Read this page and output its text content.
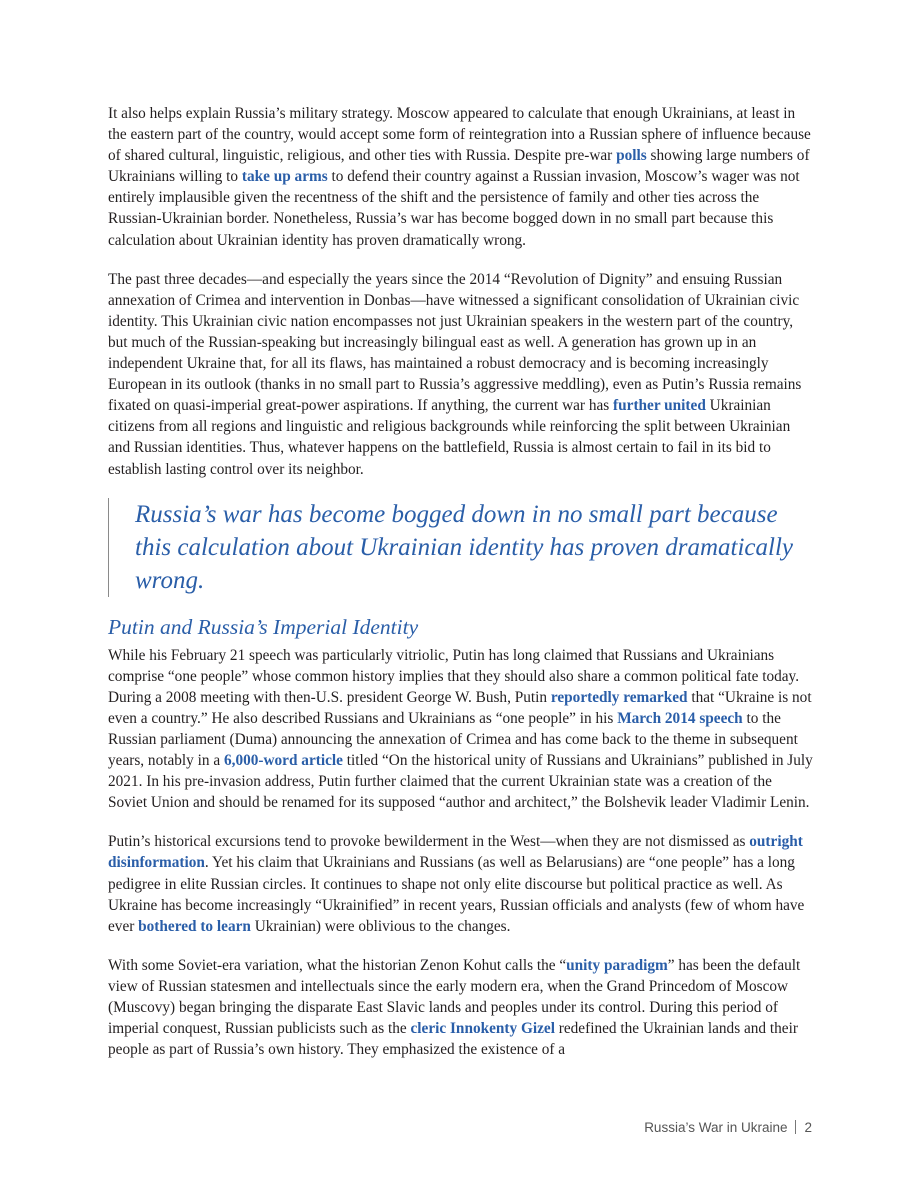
It also helps explain Russia’s military strategy. Moscow appeared to calculate that enough Ukrainians, at least in the eastern part of the country, would accept some form of reintegration into a Russian sphere of influence because of shared cultural, linguistic, religious, and other ties with Russia. Despite pre-war polls showing large numbers of Ukrainians willing to take up arms to defend their country against a Russian invasion, Moscow’s wager was not entirely implausible given the recentness of the shift and the persistence of family and other ties across the Russian-Ukrainian border. Nonetheless, Russia’s war has become bogged down in no small part because this calculation about Ukrainian identity has proven dramatically wrong.

The past three decades—and especially the years since the 2014 “Revolution of Dignity” and ensuing Russian annexation of Crimea and intervention in Donbas—have witnessed a significant consolidation of Ukrainian civic identity. This Ukrainian civic nation encompasses not just Ukrainian speakers in the western part of the country, but much of the Russian-speaking but increasingly bilingual east as well. A generation has grown up in an independent Ukraine that, for all its flaws, has maintained a robust democracy and is becoming increasingly European in its outlook (thanks in no small part to Russia’s aggressive meddling), even as Putin’s Russia remains fixated on quasi-imperial great-power aspirations. If anything, the current war has further united Ukrainian citizens from all regions and linguistic and religious backgrounds while reinforcing the split between Ukrainian and Russian identities. Thus, whatever happens on the battlefield, Russia is almost certain to fail in its bid to establish lasting control over its neighbor.

Russia’s war has become bogged down in no small part because this calculation about Ukrainian identity has proven dramatically wrong.
Putin and Russia’s Imperial Identity

While his February 21 speech was particularly vitriolic, Putin has long claimed that Russians and Ukrainians comprise “one people” whose common history implies that they should also share a common political fate today. During a 2008 meeting with then-U.S. president George W. Bush, Putin reportedly remarked that “Ukraine is not even a country.” He also described Russians and Ukrainians as “one people” in his March 2014 speech to the Russian parliament (Duma) announcing the annexation of Crimea and has come back to the theme in subsequent years, notably in a 6,000-word article titled “On the historical unity of Russians and Ukrainians” published in July 2021. In his pre-invasion address, Putin further claimed that the current Ukrainian state was a creation of the Soviet Union and should be renamed for its supposed “author and architect,” the Bolshevik leader Vladimir Lenin.

Putin’s historical excursions tend to provoke bewilderment in the West—when they are not dismissed as outright disinformation. Yet his claim that Ukrainians and Russians (as well as Belarusians) are “one people” has a long pedigree in elite Russian circles. It continues to shape not only elite discourse but political practice as well. As Ukraine has become increasingly “Ukrainified” in recent years, Russian officials and analysts (few of whom have ever bothered to learn Ukrainian) were oblivious to the changes.

With some Soviet-era variation, what the historian Zenon Kohut calls the “unity paradigm” has been the default view of Russian statesmen and intellectuals since the early modern era, when the Grand Princedom of Moscow (Muscovy) began bringing the disparate East Slavic lands and peoples under its control. During this period of imperial conquest, Russian publicists such as the cleric Innokenty Gizel redefined the Ukrainian lands and their people as part of Russia’s own history. They emphasized the existence of a

Russia’s War in Ukraine 2
